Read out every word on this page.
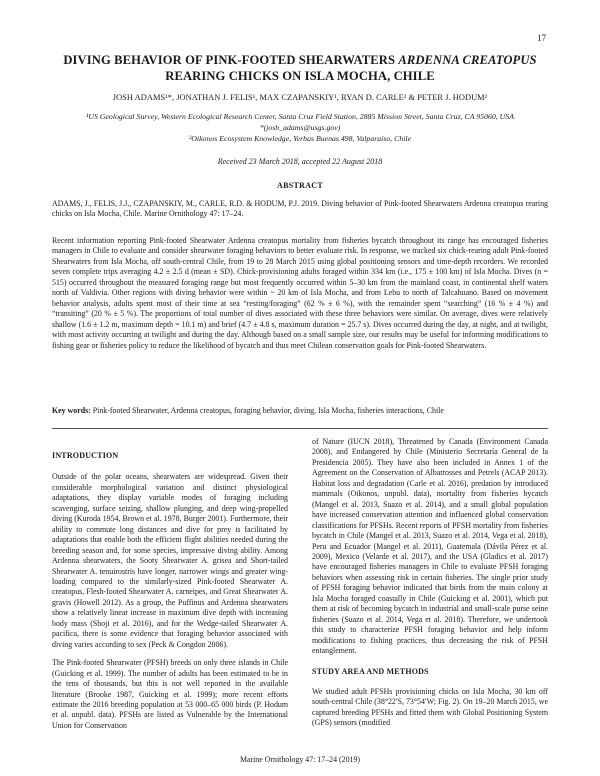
17
DIVING BEHAVIOR OF PINK-FOOTED SHEARWATERS ARDENNA CREATOPUS REARING CHICKS ON ISLA MOCHA, CHILE
JOSH ADAMS¹*, JONATHAN J. FELIS¹, MAX CZAPANSKIY¹, RYAN D. CARLE² & PETER J. HODUM²
¹US Geological Survey, Western Ecological Research Center, Santa Cruz Field Station, 2885 Mission Street, Santa Cruz, CA 95060, USA
*(josh_adams@usgs.gov)
²Oikonos Ecosystem Knowledge, Yerbas Buenas 498, Valparaíso, Chile
Received 23 March 2018, accepted 22 August 2018
ABSTRACT
ADAMS, J., FELIS, J.J., CZAPANSKIY, M., CARLE, R.D. & HODUM, P.J. 2019. Diving behavior of Pink-footed Shearwaters Ardenna creatopus rearing chicks on Isla Mocha, Chile. Marine Ornithology 47: 17–24.
Recent information reporting Pink-footed Shearwater Ardenna creatopus mortality from fisheries bycatch throughout its range has encouraged fisheries managers in Chile to evaluate and consider shearwater foraging behaviors to better evaluate risk. In response, we tracked six chick-rearing adult Pink-footed Shearwaters from Isla Mocha, off south-central Chile, from 19 to 28 March 2015 using global positioning sensors and time-depth recorders. We recorded seven complete trips averaging 4.2 ± 2.5 d (mean ± SD). Chick-provisioning adults foraged within 334 km (i.e., 175 ± 100 km) of Isla Mocha. Dives (n = 515) occurred throughout the measured foraging range but most frequently occurred within 5–30 km from the mainland coast, in continental shelf waters north of Valdivia. Other regions with diving behavior were within ~ 20 km of Isla Mocha, and from Lebu to north of Talcahuano. Based on movement behavior analysis, adults spent most of their time at sea “resting/foraging” (62 % ± 6 %), with the remainder spent “searching” (16 % ± 4 %) and “transiting” (20 % ± 5 %). The proportions of total number of dives associated with these three behaviors were similar. On average, dives were relatively shallow (1.6 ± 1.2 m, maximum depth = 10.1 m) and brief (4.7 ± 4.8 s, maximum duration = 25.7 s). Dives occurred during the day, at night, and at twilight, with most activity occurring at twilight and during the day. Although based on a small sample size, our results may be useful for informing modifications to fishing gear or fisheries policy to reduce the likelihood of bycatch and thus meet Chilean conservation goals for Pink-footed Shearwaters.
Key words: Pink-footed Shearwater, Ardenna creatopus, foraging behavior, diving, Isla Mocha, fisheries interactions, Chile
INTRODUCTION

Outside of the polar oceans, shearwaters are widespread. Given their considerable morphological variation and distinct physiological adaptations, they display variable modes of foraging including scavenging, surface seizing, shallow plunging, and deep wing-propelled diving (Kuroda 1954, Brown et al. 1978, Burger 2001). Furthermore, their ability to commute long distances and dive for prey is facilitated by adaptations that enable both the efficient flight abilities needed during the breeding season and, for some species, impressive diving ability. Among Ardenna shearwaters, the Sooty Shearwater A. grisea and Short-tailed Shearwater A. tenuirostris have longer, narrower wings and greater wing-loading compared to the similarly-sized Pink-footed Shearwater A. creatopus, Flesh-footed Shearwater A. carneipes, and Great Shearwater A. gravis (Howell 2012). As a group, the Puffinus and Ardenna shearwaters show a relatively linear increase in maximum dive depth with increasing body mass (Shoji et al. 2016), and for the Wedge-tailed Shearwater A. pacifica, there is some evidence that foraging behavior associated with diving varies according to sex (Peck & Congdon 2006).

The Pink-footed Shearwater (PFSH) breeds on only three islands in Chile (Guicking et al. 1999). The number of adults has been estimated to be in the tens of thousands, but this is not well reported in the available literature (Brooke 1987, Guicking et al. 1999); more recent efforts estimate the 2016 breeding population at 53 000–65 000 birds (P. Hodum et al. unpubl. data). PFSHs are listed as Vulnerable by the International Union for Conservation

of Nature (IUCN 2018), Threatened by Canada (Environment Canada 2008), and Endangered by Chile (Ministerio Secretaría General de la Presidencia 2005). They have also been included in Annex 1 of the Agreement on the Conservation of Albatrosses and Petrels (ACAP 2013). Habitat loss and degradation (Carle et al. 2016), predation by introduced mammals (Oikonos, unpubl. data), mortality from fisheries bycatch (Mangel et al. 2013, Suazo et al. 2014), and a small global population have increased conservation attention and influenced global conservation classifications for PFSHs. Recent reports of PFSH mortality from fisheries bycatch in Chile (Mangel et al. 2013, Suazo et al. 2014, Vega et al. 2018), Peru and Ecuador (Mangel et al. 2011), Guatemala (Dávila Pérez et al. 2009), Mexico (Velarde et al. 2017), and the USA (Gladics et al. 2017) have encouraged fisheries managers in Chile to evaluate PFSH foraging behaviors when assessing risk in certain fisheries. The single prior study of PFSH foraging behavior indicated that birds from the main colony at Isla Mocha foraged coastally in Chile (Guicking et al. 2001), which put them at risk of becoming bycatch in industrial and small-scale purse seine fisheries (Suazo et al. 2014, Vega et al. 2018). Therefore, we undertook this study to characterize PFSH foraging behavior and help inform modifications to fishing practices, thus decreasing the risk of PFSH entanglement.

STUDY AREA AND METHODS

We studied adult PFSHs provisioning chicks on Isla Mocha, 30 km off south-central Chile (38°22′S, 73°54′W; Fig. 2). On 19–20 March 2015, we captured breeding PFSHs and fitted them with Global Positioning System (GPS) sensors (modified

Marine Ornithology 47: 17–24 (2019)
